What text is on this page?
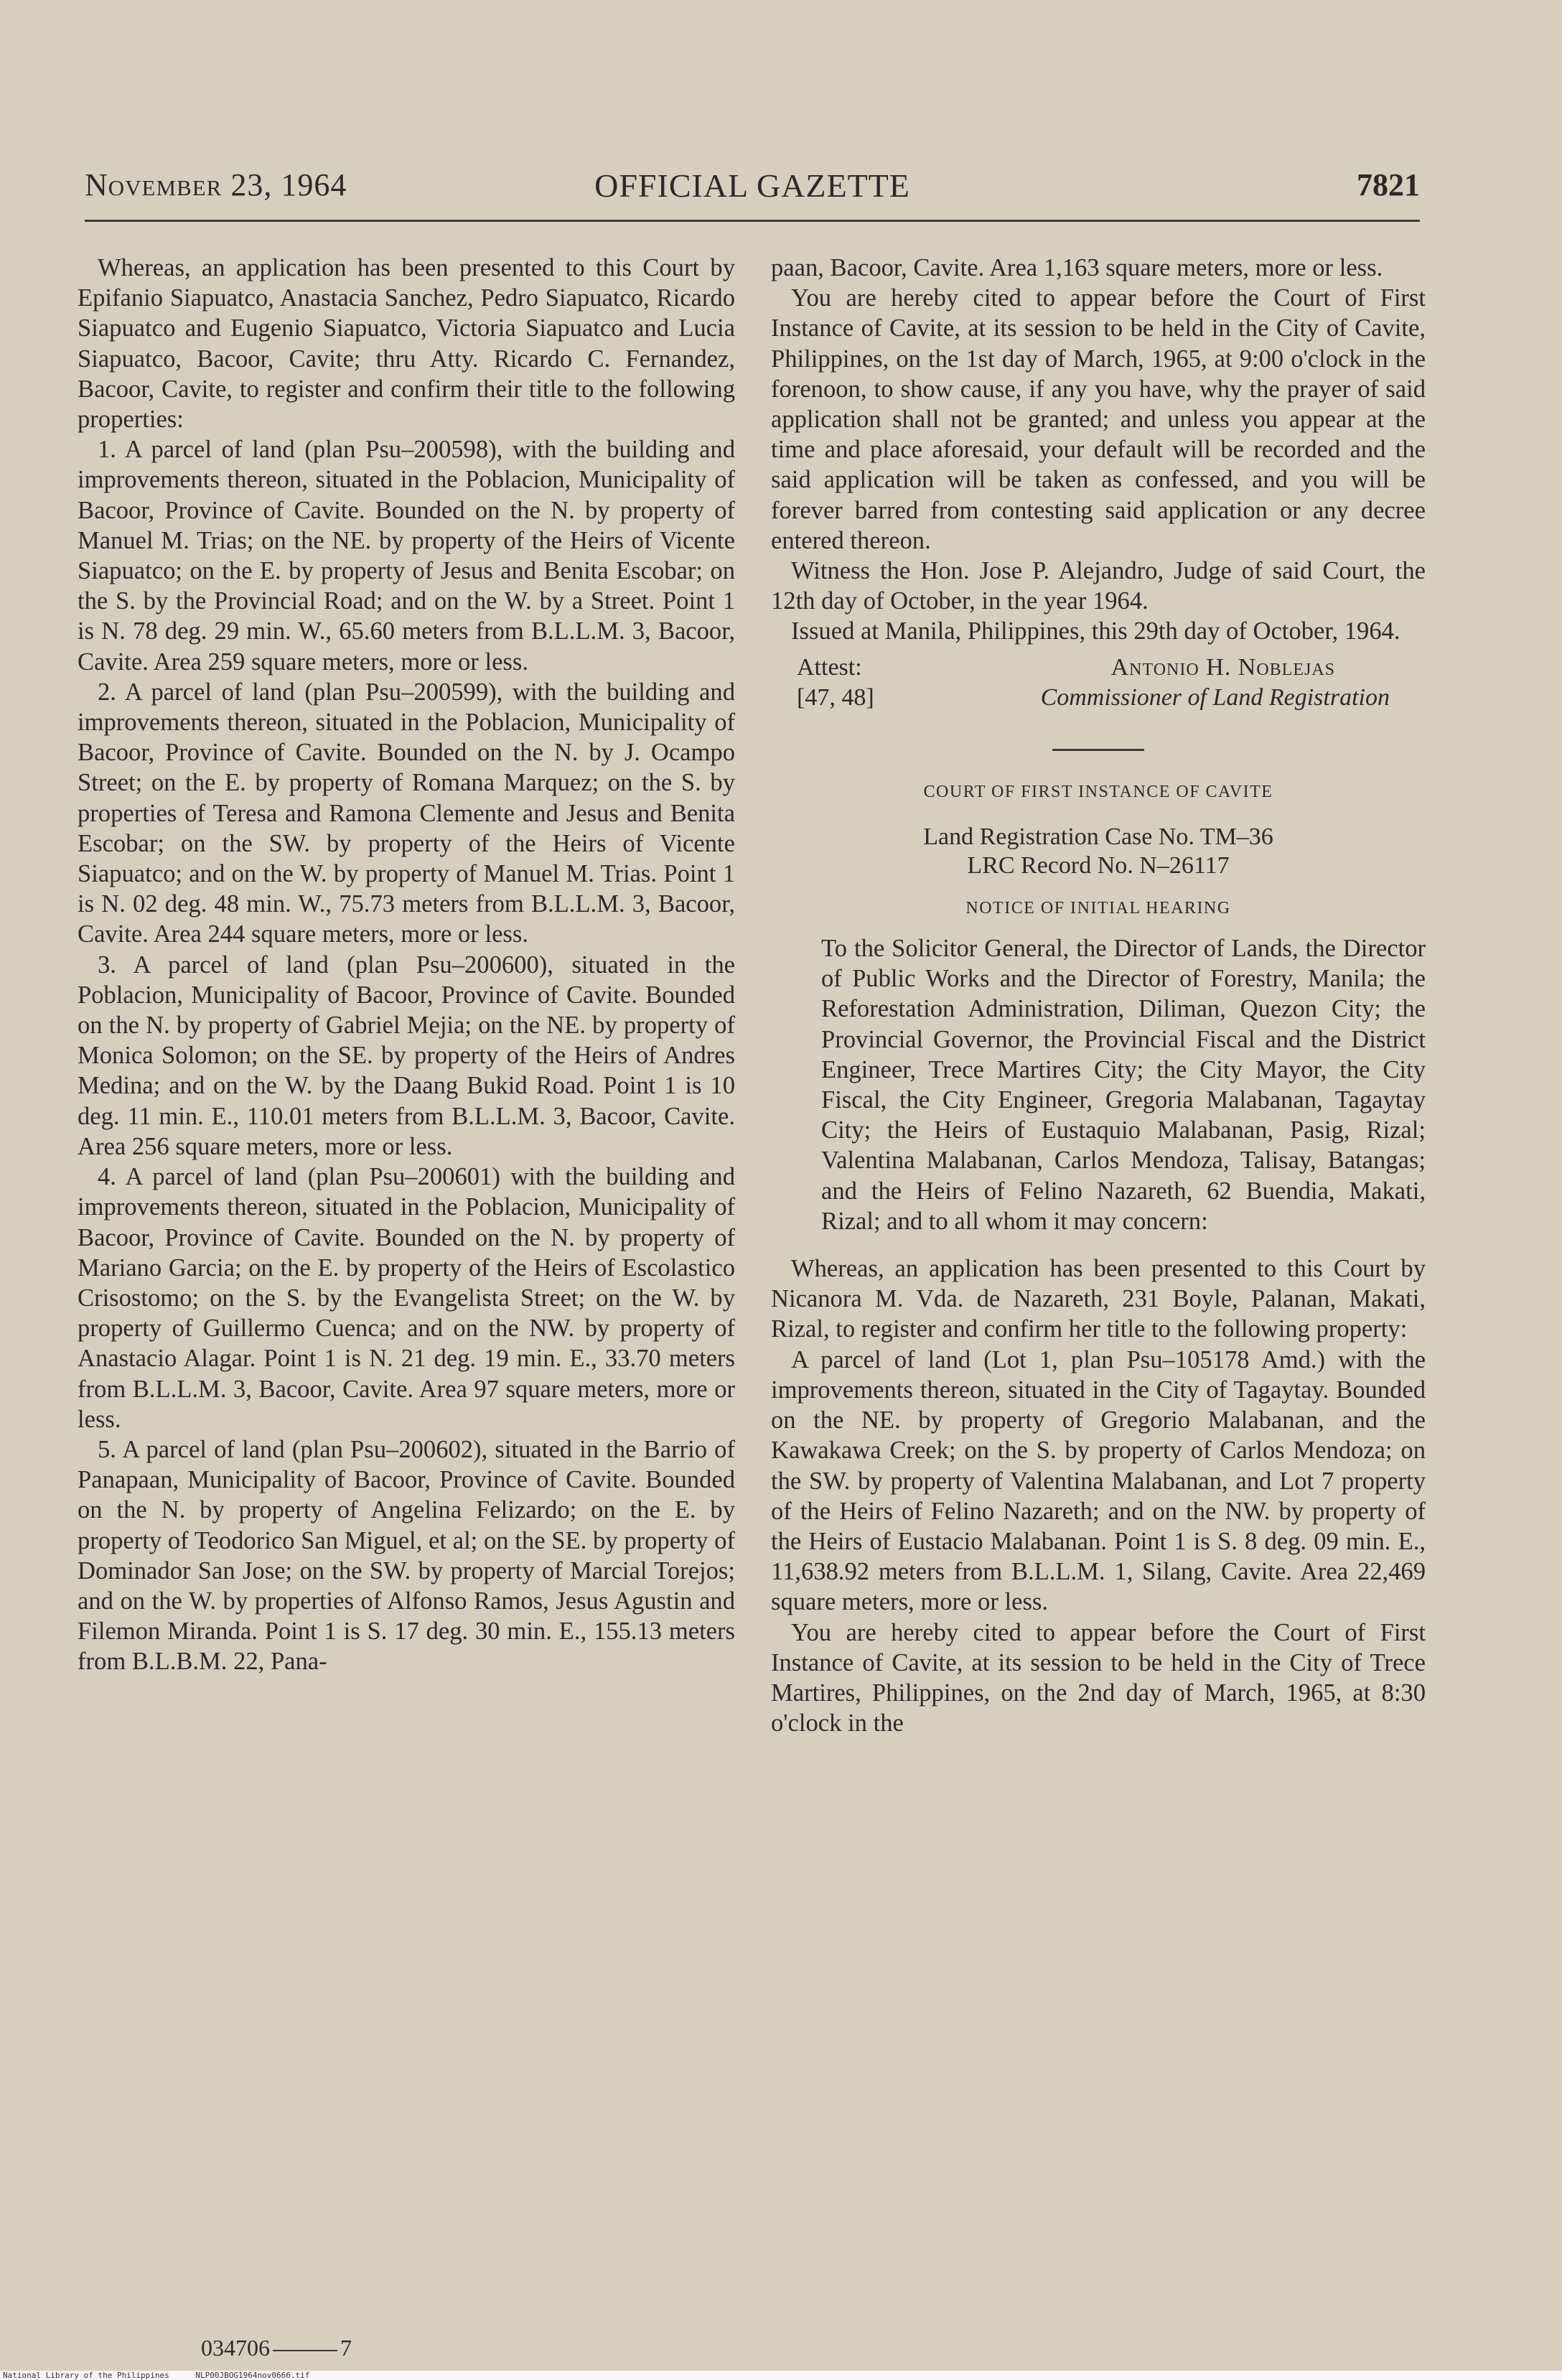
November 23, 1964	OFFICIAL GAZETTE	7821

Whereas, an application has been presented to this Court by Epifanio Siapuatco, Anastacia Sanchez, Pedro Siapuatco, Ricardo Siapuatco and Eugenio Siapuatco, Victoria Siapuatco and Lucia Siapuatco, Bacoor, Cavite; thru Atty. Ricardo C. Fernandez, Bacoor, Cavite, to register and confirm their title to the following properties:

1. A parcel of land (plan Psu–200598), with the building and improvements thereon, situated in the Poblacion, Municipality of Bacoor, Province of Cavite. Bounded on the N. by property of Manuel M. Trias; on the NE. by property of the Heirs of Vicente Siapuatco; on the E. by property of Jesus and Benita Escobar; on the S. by the Provincial Road; and on the W. by a Street. Point 1 is N. 78 deg. 29 min. W., 65.60 meters from B.L.L.M. 3, Bacoor, Cavite. Area 259 square meters, more or less.

2. A parcel of land (plan Psu–200599), with the building and improvements thereon, situated in the Poblacion, Municipality of Bacoor, Province of Cavite. Bounded on the N. by J. Ocampo Street; on the E. by property of Romana Marquez; on the S. by properties of Teresa and Ramona Clemente and Jesus and Benita Escobar; on the SW. by property of the Heirs of Vicente Siapuatco; and on the W. by property of Manuel M. Trias. Point 1 is N. 02 deg. 48 min. W., 75.73 meters from B.L.L.M. 3, Bacoor, Cavite. Area 244 square meters, more or less.

3. A parcel of land (plan Psu–200600), situated in the Poblacion, Municipality of Bacoor, Province of Cavite. Bounded on the N. by property of Gabriel Mejia; on the NE. by property of Monica Solomon; on the SE. by property of the Heirs of Andres Medina; and on the W. by the Daang Bukid Road. Point 1 is 10 deg. 11 min. E., 110.01 meters from B.L.L.M. 3, Bacoor, Cavite. Area 256 square meters, more or less.

4. A parcel of land (plan Psu–200601) with the building and improvements thereon, situated in the Poblacion, Municipality of Bacoor, Province of Cavite. Bounded on the N. by property of Mariano Garcia; on the E. by property of the Heirs of Escolastico Crisostomo; on the S. by the Evangelista Street; on the W. by property of Guillermo Cuenca; and on the NW. by property of Anastacio Alagar. Point 1 is N. 21 deg. 19 min. E., 33.70 meters from B.L.L.M. 3, Bacoor, Cavite. Area 97 square meters, more or less.

5. A parcel of land (plan Psu–200602), situated in the Barrio of Panapaan, Municipality of Bacoor, Province of Cavite. Bounded on the N. by property of Angelina Felizardo; on the E. by property of Teodorico San Miguel, et al; on the SE. by property of Dominador San Jose; on the SW. by property of Marcial Torejos; and on the W. by properties of Alfonso Ramos, Jesus Agustin and Filemon Miranda. Point 1 is S. 17 deg. 30 min. E., 155.13 meters from B.L.B.M. 22, Pana-

paan, Bacoor, Cavite. Area 1,163 square meters, more or less.

You are hereby cited to appear before the Court of First Instance of Cavite, at its session to be held in the City of Cavite, Philippines, on the 1st day of March, 1965, at 9:00 o'clock in the forenoon, to show cause, if any you have, why the prayer of said application shall not be granted; and unless you appear at the time and place aforesaid, your default will be recorded and the said application will be taken as confessed, and you will be forever barred from contesting said application or any decree entered thereon.

Witness the Hon. Jose P. Alejandro, Judge of said Court, the 12th day of October, in the year 1964.

Issued at Manila, Philippines, this 29th day of October, 1964.

Attest:	Antonio H. Noblejas
[47, 48]	Commissioner of Land Registration
COURT OF FIRST INSTANCE OF CAVITE
Land Registration Case No. TM–36
LRC Record No. N–26117
NOTICE OF INITIAL HEARING

To the Solicitor General, the Director of Lands, the Director of Public Works and the Director of Forestry, Manila; the Reforestation Administration, Diliman, Quezon City; the Provincial Governor, the Provincial Fiscal and the District Engineer, Trece Martires City; the City Mayor, the City Fiscal, the City Engineer, Gregoria Malabanan, Tagaytay City; the Heirs of Eustaquio Malabanan, Pasig, Rizal; Valentina Malabanan, Carlos Mendoza, Talisay, Batangas; and the Heirs of Felino Nazareth, 62 Buendia, Makati, Rizal; and to all whom it may concern:

Whereas, an application has been presented to this Court by Nicanora M. Vda. de Nazareth, 231 Boyle, Palanan, Makati, Rizal, to register and confirm her title to the following property:

A parcel of land (Lot 1, plan Psu–105178 Amd.) with the improvements thereon, situated in the City of Tagaytay. Bounded on the NE. by property of Gregorio Malabanan, and the Kawakawa Creek; on the S. by property of Carlos Mendoza; on the SW. by property of Valentina Malabanan, and Lot 7 property of the Heirs of Felino Nazareth; and on the NW. by property of the Heirs of Eustacio Malabanan. Point 1 is S. 8 deg. 09 min. E., 11,638.92 meters from B.L.L.M. 1, Silang, Cavite. Area 22,469 square meters, more or less.

You are hereby cited to appear before the Court of First Instance of Cavite, at its session to be held in the City of Trece Martires, Philippines, on the 2nd day of March, 1965, at 8:30 o'clock in the

034706	7
National Library of the Philippines	NLP00JBOG1964nov0666.tif
